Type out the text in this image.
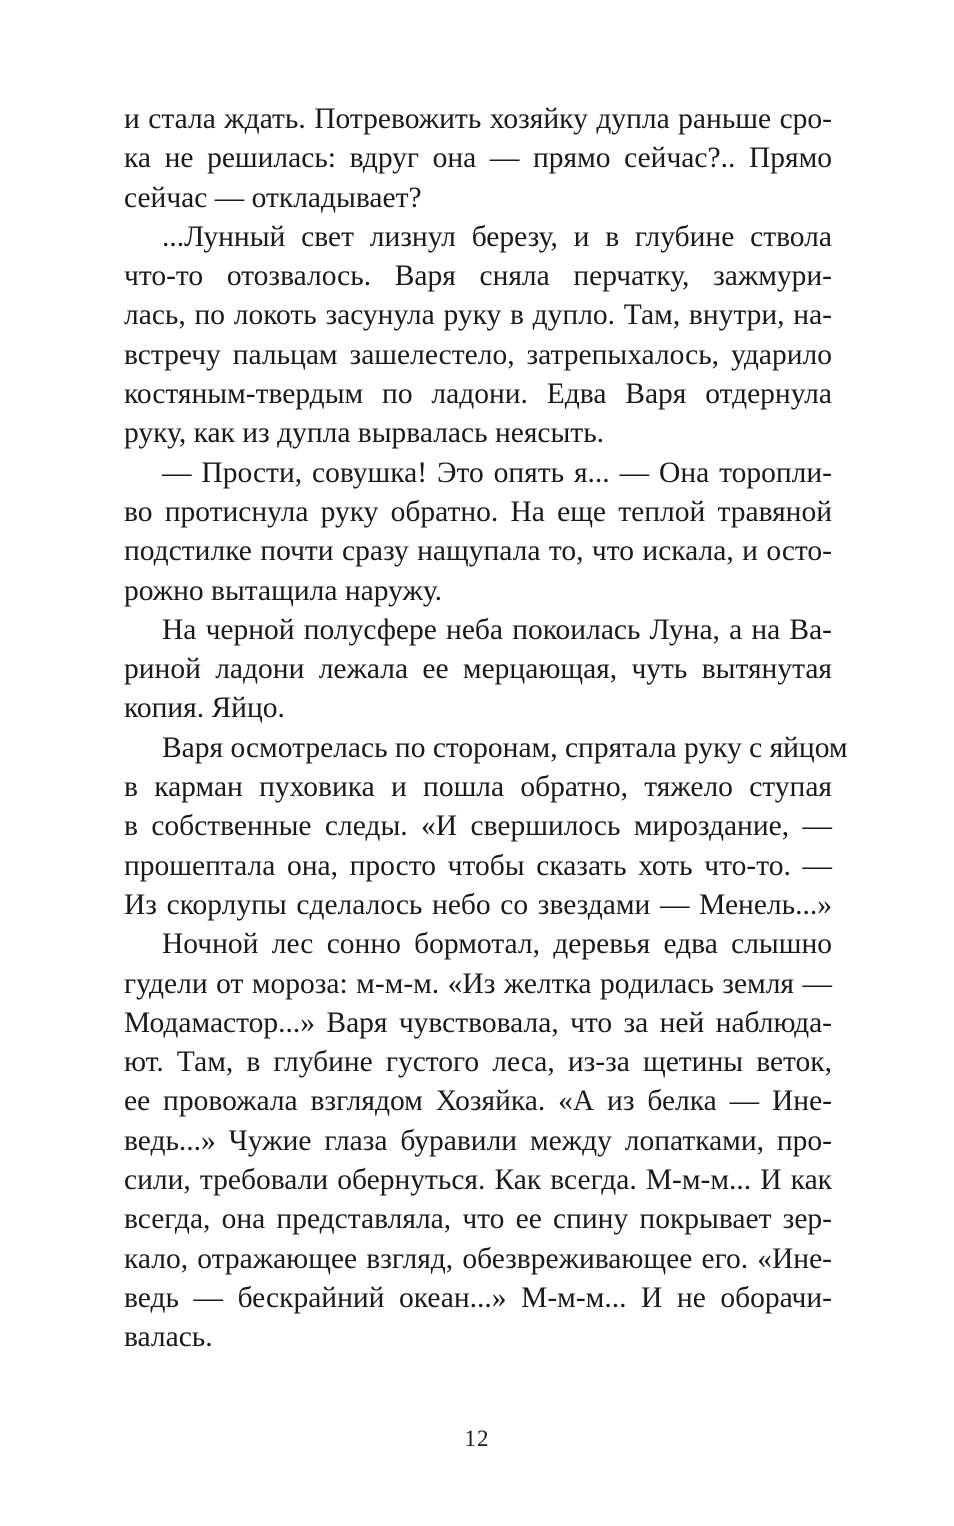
и стала ждать. Потревожить хозяйку дупла раньше сро-
ка не решилась: вдруг она — прямо сейчас?.. Прямо
сейчас — откладывает?
...Лунный свет лизнул березу, и в глубине ствола
что-то отозвалось. Варя сняла перчатку, зажмури-
лась, по локоть засунула руку в дупло. Там, внутри, на-
встречу пальцам зашелестело, затрепыхалось, ударило
костяным-твердым по ладони. Едва Варя отдернула
руку, как из дупла вырвалась неясыть.
— Прости, совушка! Это опять я... — Она торопли-
во протиснула руку обратно. На еще теплой травяной
подстилке почти сразу нащупала то, что искала, и осто-
рожно вытащила наружу.
На черной полусфере неба покоилась Луна, а на Ва-
риной ладони лежала ее мерцающая, чуть вытянутая
копия. Яйцо.
Варя осмотрелась по сторонам, спрятала руку с яйцом
в карман пуховика и пошла обратно, тяжело ступая
в собственные следы. «И свершилось мироздание, —
прошептала она, просто чтобы сказать хоть что-то. —
Из скорлупы сделалось небо со звездами — Менель...»
Ночной лес сонно бормотал, деревья едва слышно
гудели от мороза: м-м-м. «Из желтка родилась земля —
Модамастор...» Варя чувствовала, что за ней наблюда-
ют. Там, в глубине густого леса, из-за щетины веток,
ее провожала взглядом Хозяйка. «А из белка — Ине-
ведь...» Чужие глаза буравили между лопатками, про-
сили, требовали обернуться. Как всегда. М-м-м... И как
всегда, она представляла, что ее спину покрывает зер-
кало, отражающее взгляд, обезвреживающее его. «Ине-
ведь — бескрайний океан...» М-м-м... И не оборачи-
валась.
12
